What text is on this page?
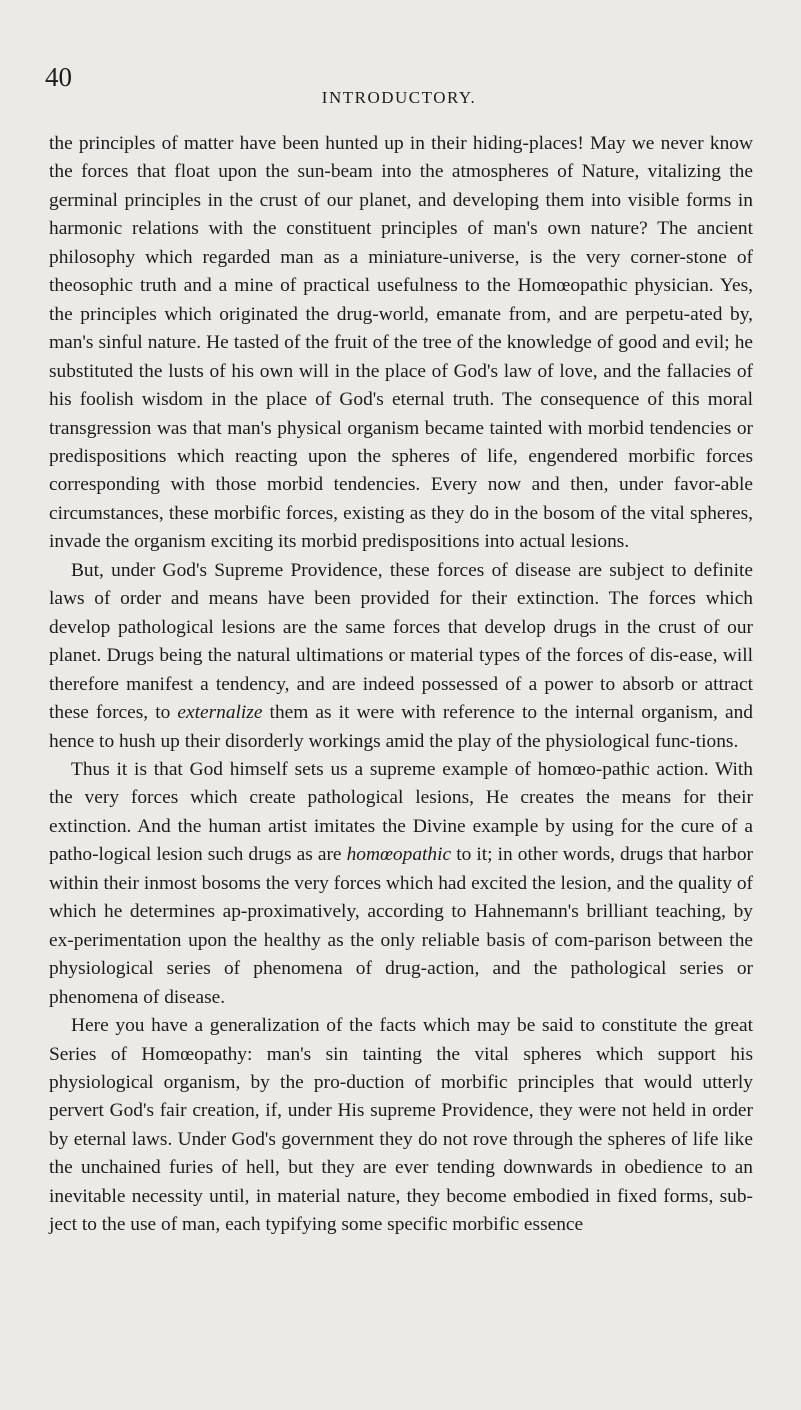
40
INTRODUCTORY.

the principles of matter have been hunted up in their hiding-places! May we never know the forces that float upon the sun-beam into the atmospheres of Nature, vitalizing the germinal principles in the crust of our planet, and developing them into visible forms in harmonic relations with the constituent principles of man's own nature? The ancient philosophy which regarded man as a miniature-universe, is the very corner-stone of theosophic truth and a mine of practical usefulness to the Homœopathic physician. Yes, the principles which originated the drug-world, emanate from, and are perpetu-ated by, man's sinful nature. He tasted of the fruit of the tree of the knowledge of good and evil; he substituted the lusts of his own will in the place of God's law of love, and the fallacies of his foolish wisdom in the place of God's eternal truth. The consequence of this moral transgression was that man's physical organism became tainted with morbid tendencies or predispositions which reacting upon the spheres of life, engendered morbific forces corresponding with those morbid tendencies. Every now and then, under favor-able circumstances, these morbific forces, existing as they do in the bosom of the vital spheres, invade the organism exciting its morbid predispositions into actual lesions.

But, under God's Supreme Providence, these forces of disease are subject to definite laws of order and means have been provided for their extinction. The forces which develop pathological lesions are the same forces that develop drugs in the crust of our planet. Drugs being the natural ultimations or material types of the forces of dis-ease, will therefore manifest a tendency, and are indeed possessed of a power to absorb or attract these forces, to externalize them as it were with reference to the internal organism, and hence to hush up their disorderly workings amid the play of the physiological func-tions.

Thus it is that God himself sets us a supreme example of homœo-pathic action. With the very forces which create pathological lesions, He creates the means for their extinction. And the human artist imitates the Divine example by using for the cure of a patho-logical lesion such drugs as are homœopathic to it; in other words, drugs that harbor within their inmost bosoms the very forces which had excited the lesion, and the quality of which he determines ap-proximatively, according to Hahnemann's brilliant teaching, by ex-perimentation upon the healthy as the only reliable basis of com-parison between the physiological series of phenomena of drug-action, and the pathological series or phenomena of disease.

Here you have a generalization of the facts which may be said to constitute the great Series of Homœopathy: man's sin tainting the vital spheres which support his physiological organism, by the pro-duction of morbific principles that would utterly pervert God's fair creation, if, under His supreme Providence, they were not held in order by eternal laws. Under God's government they do not rove through the spheres of life like the unchained furies of hell, but they are ever tending downwards in obedience to an inevitable necessity until, in material nature, they become embodied in fixed forms, sub-ject to the use of man, each typifying some specific morbific essence
